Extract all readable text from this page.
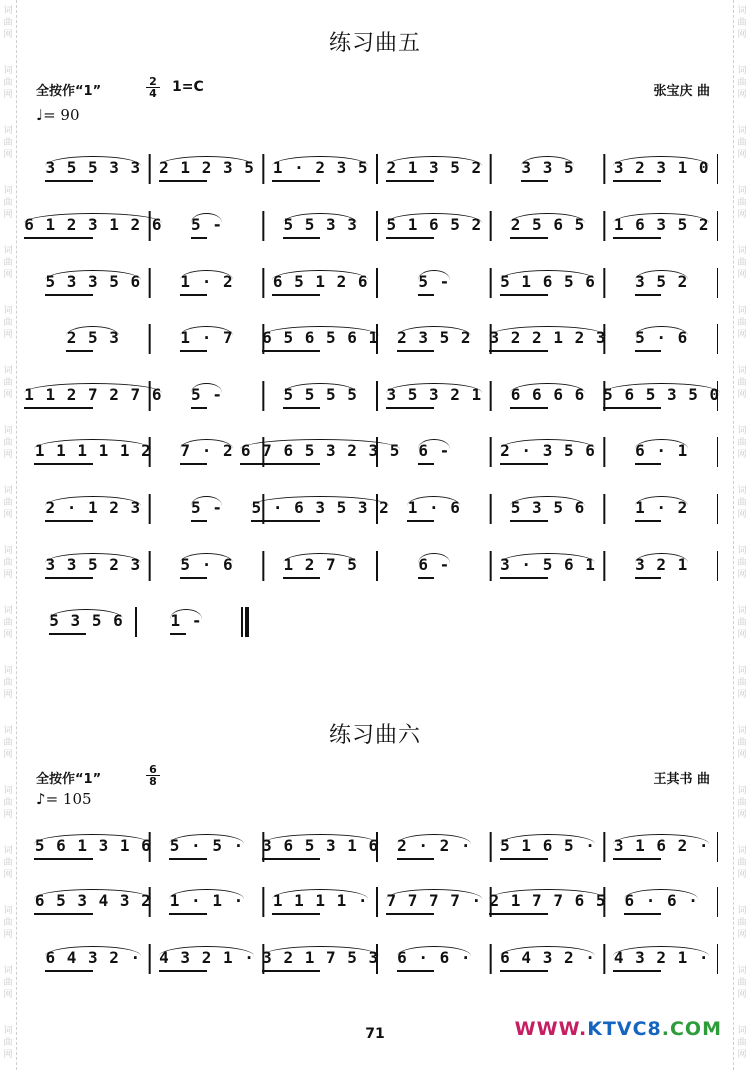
词
曲
网
词
曲
网
词
曲
网
词
曲
网
词
曲
网
词
曲
网
词
曲
网
词
曲
网
词
曲
网
词
曲
网
词
曲
网
词
曲
网
词
曲
网
词
曲
网
词
曲
网
词
曲
网
词
曲
网
词
曲
网
词
曲
网
词
曲
网
词
曲
网
词
曲
网
词
曲
网
词
曲
网
词
曲
网
词
曲
网
词
曲
网
词
曲
网
词
曲
网
词
曲
网
词
曲
网
词
曲
网
词
曲
网
词
曲
网
词
曲
网
词
曲
网
练习曲五
全按作“1”	$\frac{2}{4} 1=C$	张宝庆 曲
♩= 90
3 5 5 3 3 2 1 2 3 5 1 · 2 3 5 2 1 3 5 2 3 3 5 3 2 3 1 0
6 1 2 3 1 2 6 5 -	5 5 3 3 5 1 6 5 2 2 5 6 5 1 6 3 5 2
5 3 3 5 6 1 · 2 6 5 1 2 6	5 -	5 1 6 5 6 3 5 2
2 5 3	1 · 7 6 5 6 5 6 1 2 3 5 2 3 2 2 1 2 3 5 · 6
1 1 2 7 2 7 6 5 -	5 5 5 5 3 5 3 2 1 6 6 6 6 5 6 5 3 5 0
1 1 1 1 1 2 7 · 2 6 7 6 5 3 2 3 5 6 -	2 · 3 5 6 6 · 1
2 · 1 2 3	5 - 5 · 6 3 5 3 2 1 · 6	5 3 5 6	1 · 2
3 3 5 2 3 5 · 6	1 2 7 5	6 -	3 · 5 6 1 3 2 1
5 3 5 6	1 -
练习曲六
全按作“1”	$\frac{6}{8}$	王其书 曲
♪= 105
5 6 1 3 1 6 5 · 5 · 3 6 5 3 1 6 2 · 2 · 5 1 6 5 · 3 1 6 2 ·
6 5 3 4 3 2 1 · 1 · 1 1 1 1 · 7 7 7 7 · 2 1 7 7 6 5 6 · 6 ·
6 4 3 2 · 4 3 2 1 · 3 2 1 7 5 3 6 · 6 · 6 4 3 2 · 4 3 2 1 ·
71	WWW.KTVC8.COM
